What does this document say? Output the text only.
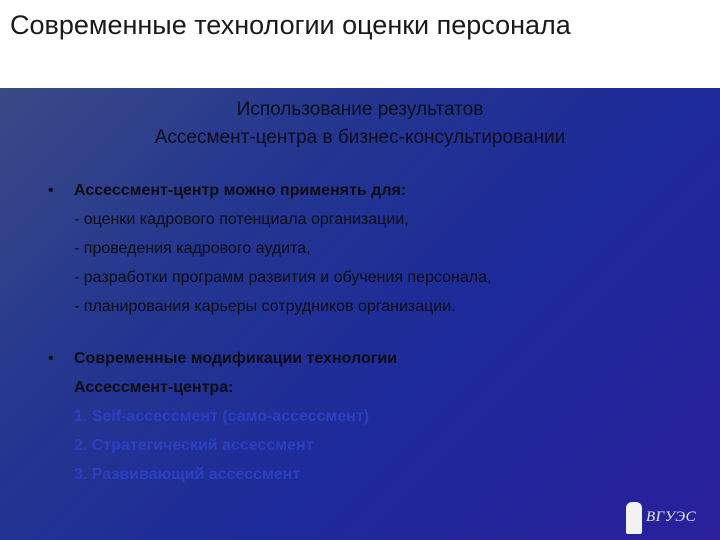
Современные технологии оценки персонала
Использование результатов
Ассесмент-центра в бизнес-консультировании
• Ассессмент-центр можно применять для:
- оценки кадрового потенциала организации,
- проведения кадрового аудита,
- разработки программ развития и обучения персонала,
- планирования карьеры сотрудников организации.
• Современные модификации технологии
Ассессмент-центра:
1. Self-ассессмент (само-ассессмент)
2. Стратегический ассессмент
3. Развивающий ассессмент
ВГУЭС
